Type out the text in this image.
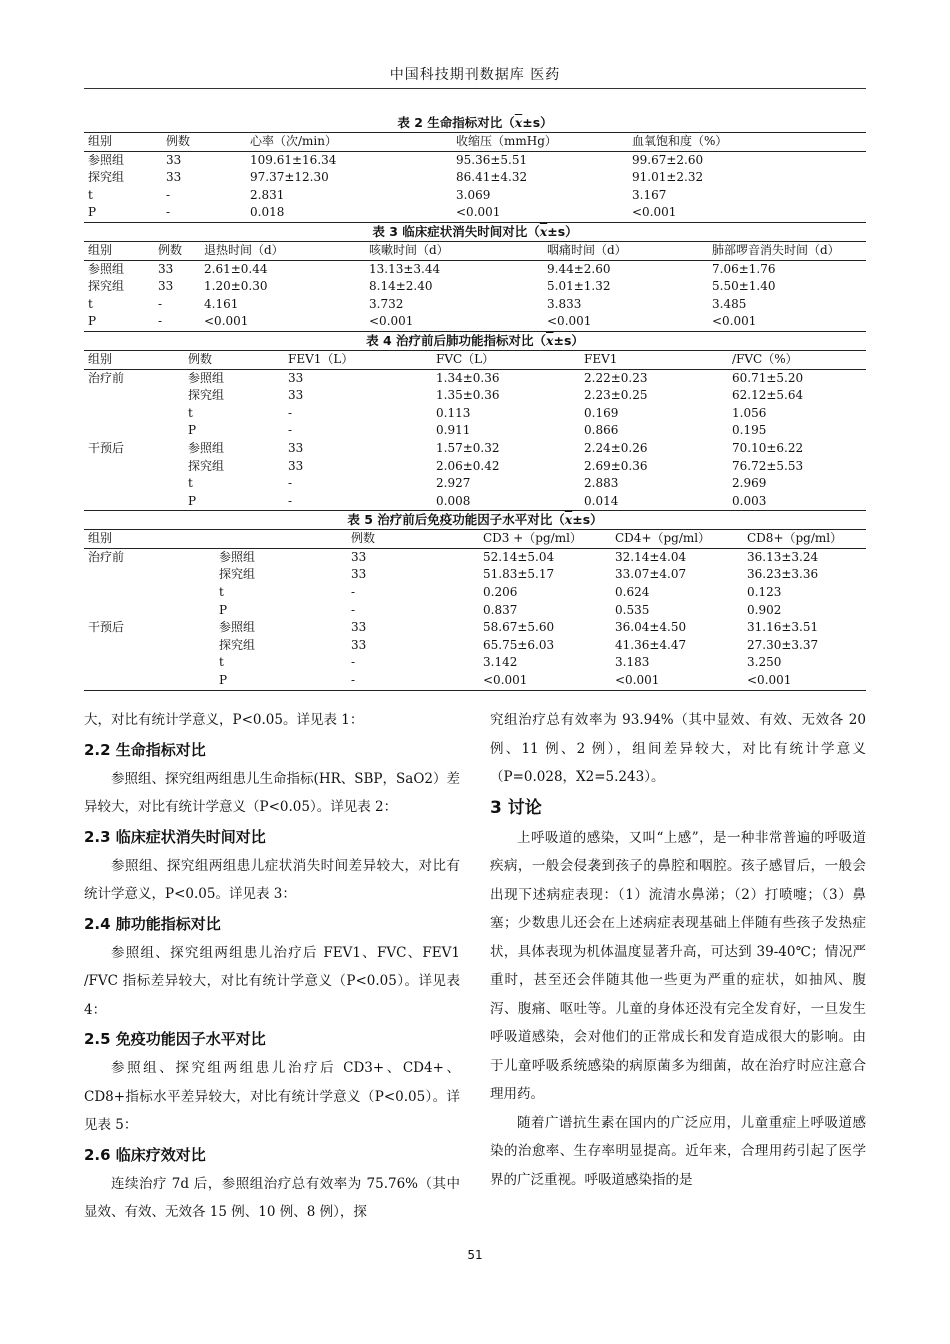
中国科技期刊数据库 医药
表 2 生命指标对比$(\overline{x}\pm s)$
组别	例数	心率（次/min）	收缩压（mmHg）	血氧饱和度（%）
参照组	33	109.61±16.34	95.36±5.51	99.67±2.60
探究组	33	97.37±12.30	86.41±4.32	91.01±2.32
t	-	2.831	3.069	3.167
P	-	0.018	<0.001	<0.001
表 3 临床症状消失时间对比$(\overline{x}\pm s)$
组别	例数	退热时间（d）	咳嗽时间（d）	咽痛时间（d）	肺部啰音消失时间（d）
参照组	33	2.61±0.44	13.13±3.44	9.44±2.60	7.06±1.76
探究组	33	1.20±0.30	8.14±2.40	5.01±1.32	5.50±1.40
t	-	4.161	3.732	3.833	3.485
P	-	<0.001	<0.001	<0.001	<0.001
表 4 治疗前后肺功能指标对比$(\overline{x}\pm s)$
组别	例数	FEV1（L）	FVC（L）	FEV1	/FVC（%）
治疗前	参照组	33	1.34±0.36	2.22±0.23	60.71±5.20
	探究组	33	1.35±0.36	2.23±0.25	62.12±5.64
	t	-	0.113	0.169	1.056
	P	-	0.911	0.866	0.195
干预后	参照组	33	1.57±0.32	2.24±0.26	70.10±6.22
	探究组	33	2.06±0.42	2.69±0.36	76.72±5.53
	t	-	2.927	2.883	2.969
	P	-	0.008	0.014	0.003
表 5 治疗前后免疫功能因子水平对比$(\overline{x}\pm s)$
组别		例数	CD3 +（pg/ml）	CD4+（pg/ml）	CD8+（pg/ml）
治疗前	参照组	33	52.14±5.04	32.14±4.04	36.13±3.24
	探究组	33	51.83±5.17	33.07±4.07	36.23±3.36
	t	-	0.206	0.624	0.123
	P	-	0.837	0.535	0.902
干预后	参照组	33	58.67±5.60	36.04±4.50	31.16±3.51
	探究组	33	65.75±6.03	41.36±4.47	27.30±3.37
	t	-	3.142	3.183	3.250
	P	-	<0.001	<0.001	<0.001

大，对比有统计学意义，P<0.05。详见表 1：

2.2 生命指标对比

参照组、探究组两组患儿生命指标(HR、SBP，SaO2）差异较大，对比有统计学意义（P<0.05）。详见表 2：

2.3 临床症状消失时间对比

参照组、探究组两组患儿症状消失时间差异较大，对比有统计学意义，P<0.05。详见表 3：

2.4 肺功能指标对比

参照组、探究组两组患儿治疗后 FEV1、FVC、FEV1 /FVC 指标差异较大，对比有统计学意义（P<0.05）。详见表 4：

2.5 免疫功能因子水平对比

参照组、探究组两组患儿治疗后 CD3+、CD4+、CD8+指标水平差异较大，对比有统计学意义（P<0.05）。详见表 5：

2.6 临床疗效对比

连续治疗 7d 后，参照组治疗总有效率为 75.76%（其中显效、有效、无效各 15 例、10 例、8 例），探

究组治疗总有效率为 93.94%（其中显效、有效、无效各 20 例、11 例、2 例），组间差异较大，对比有统计学意义（P=0.028，X2=5.243）。

3 讨论

上呼吸道的感染，又叫“上感”，是一种非常普遍的呼吸道疾病，一般会侵袭到孩子的鼻腔和咽腔。孩子感冒后，一般会出现下述病症表现：（1）流清水鼻涕；（2）打喷嚏；（3）鼻塞；少数患儿还会在上述病症表现基础上伴随有些孩子发热症状，具体表现为机体温度显著升高，可达到 39-40℃；情况严重时，甚至还会伴随其他一些更为严重的症状，如抽风、腹泻、腹痛、呕吐等。儿童的身体还没有完全发育好，一旦发生呼吸道感染，会对他们的正常成长和发育造成很大的影响。由于儿童呼吸系统感染的病原菌多为细菌，故在治疗时应注意合理用药。

随着广谱抗生素在国内的广泛应用，儿童重症上呼吸道感染的治愈率、生存率明显提高。近年来，合理用药引起了医学界的广泛重视。呼吸道感染指的是

51
